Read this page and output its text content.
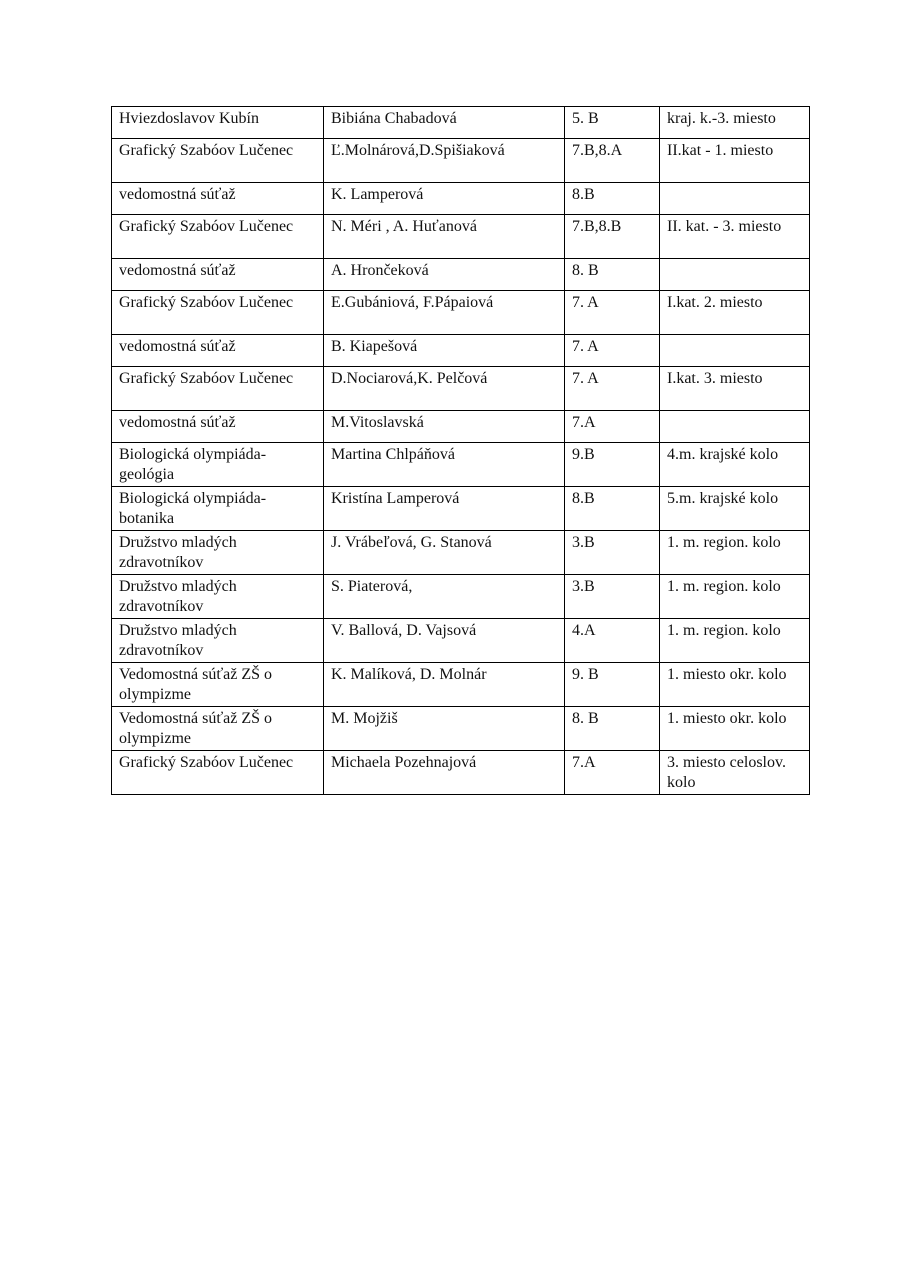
Hviezdoslavov Kubín	Bibiána Chabadová	5. B	kraj. k.-3. miesto
Grafický Szabóov Lučenec	Ľ.Molnárová,D.Spišiaková	7.B,8.A	II.kat - 1. miesto
vedomostná súťaž	K. Lamperová	8.B	
Grafický Szabóov Lučenec	N. Méri , A. Huťanová	7.B,8.B	II. kat. - 3. miesto
vedomostná súťaž	A. Hrončeková	8. B	
Grafický Szabóov Lučenec	E.Gubániová, F.Pápaiová	7. A	I.kat. 2. miesto
vedomostná súťaž	B. Kiapešová	7. A	
Grafický Szabóov Lučenec	D.Nociarová,K. Pelčová	7. A	I.kat. 3. miesto
vedomostná súťaž	M.Vitoslavská	7.A	
Biologická olympiáda-geológia	Martina Chlpáňová	9.B	4.m. krajské kolo
Biologická olympiáda-botanika	Kristína Lamperová	8.B	5.m. krajské kolo
Družstvo mladých zdravotníkov	J. Vrábeľová, G. Stanová	3.B	1. m. region. kolo
Družstvo mladých zdravotníkov	S. Piaterová,	3.B	1. m. region. kolo
Družstvo mladých zdravotníkov	V. Ballová, D. Vajsová	4.A	1. m. region. kolo
Vedomostná súťaž ZŠ o olympizme	K. Malíková, D. Molnár	9. B	1. miesto okr. kolo
Vedomostná súťaž ZŠ o olympizme	M. Mojžiš	8. B	1. miesto okr. kolo
Grafický Szabóov Lučenec	Michaela Pozehnajová	7.A	3. miesto celoslov. kolo
